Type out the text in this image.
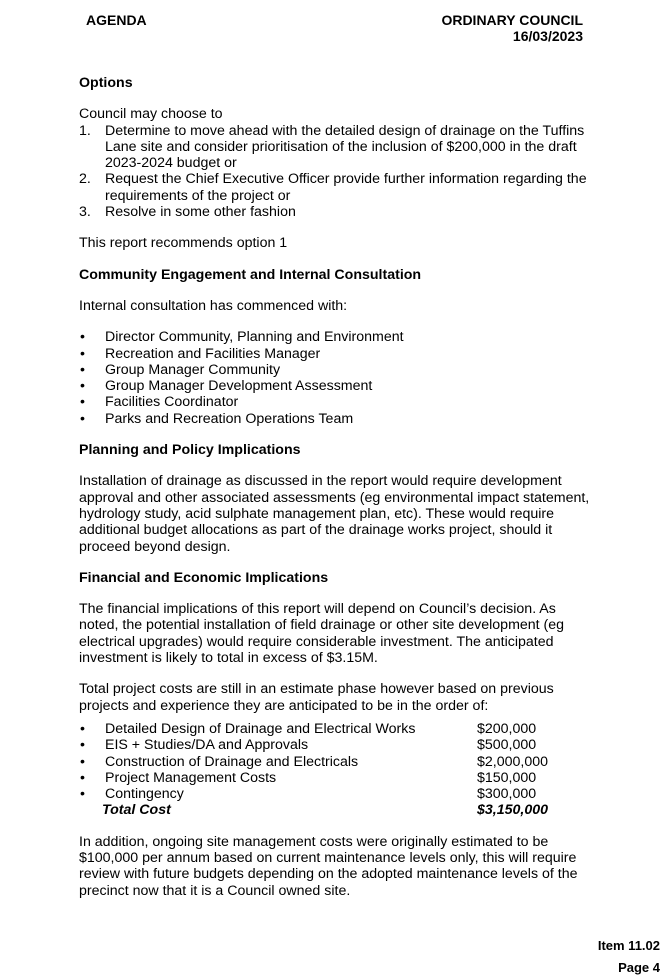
AGENDA	ORDINARY COUNCIL
16/03/2023

Options

Council may choose to

1. Determine to move ahead with the detailed design of drainage on the Tuffins Lane site and consider prioritisation of the inclusion of $200,000 in the draft 2023-2024 budget or
2. Request the Chief Executive Officer provide further information regarding the requirements of the project or
3. Resolve in some other fashion

This report recommends option 1

Community Engagement and Internal Consultation

Internal consultation has commenced with:

•	Director Community, Planning and Environment
•	Recreation and Facilities Manager
•	Group Manager Community
•	Group Manager Development Assessment
•	Facilities Coordinator
•	Parks and Recreation Operations Team

Planning and Policy Implications

Installation of drainage as discussed in the report would require development approval and other associated assessments (eg environmental impact statement, hydrology study, acid sulphate management plan, etc). These would require additional budget allocations as part of the drainage works project, should it proceed beyond design.

Financial and Economic Implications

The financial implications of this report will depend on Council’s decision. As noted, the potential installation of field drainage or other site development (eg electrical upgrades) would require considerable investment. The anticipated investment is likely to total in excess of $3.15M.

Total project costs are still in an estimate phase however based on previous projects and experience they are anticipated to be in the order of:

•	Detailed Design of Drainage and Electrical Works	$200,000
•	EIS + Studies/DA and Approvals	$500,000
•	Construction of Drainage and Electricals	$2,000,000
•	Project Management Costs	$150,000
•	Contingency	$300,000
Total Cost	$3,150,000

In addition, ongoing site management costs were originally estimated to be $100,000 per annum based on current maintenance levels only, this will require review with future budgets depending on the adopted maintenance levels of the precinct now that it is a Council owned site.

Item 11.02
Page 4
